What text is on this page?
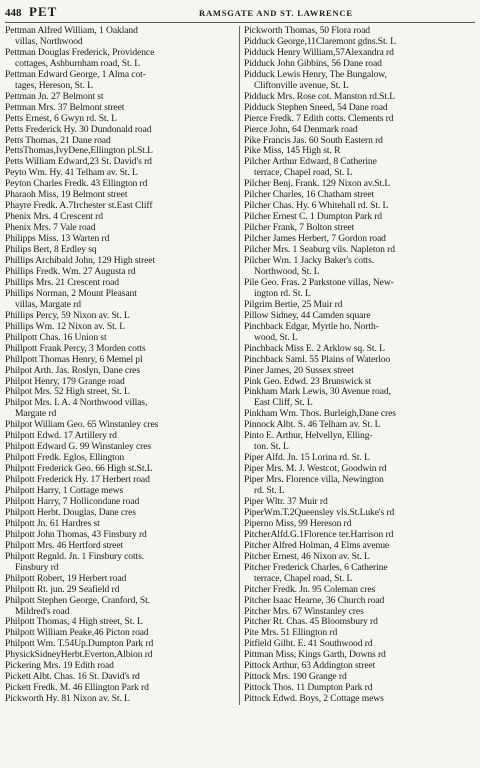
448 PET	RAMSGATE AND ST. LAWRENCE
Pettman Alfred William, 1 Oakland
villas, Northwood
Pettman Douglas Frederick, Providence
cottages, Ashburnham road, St. L
Pettman Edward George, 1 Alma cot-
tages, Hereson, St. L
Pettman Jn. 27 Belmont st
Pettman Mrs. 37 Belmont street
Petts Ernest, 6 Gwyn rd. St. L
Petts Frederick Hy. 30 Dundonald road
Petts Thomas, 21 Dane road
PettsThomas,IvyDene,Ellington pl.St.L
Petts William Edward,23 St. David's rd
Peyto Wm. Hy. 41 Telham av. St. L
Peyton Charles Fredk. 43 Ellington rd
Pharaoh Miss, 19 Belmont street
Phayre Fredk. A.7Irchester st.East Cliff
Phenix Mrs. 4 Crescent rd
Phenix Mrs. 7 Vale road
Philipps Miss. 13 Warten rd
Philips Bert, 8 Erdley sq
Phillips Archibald John, 129 High street
Phillips Fredk. Wm. 27 Augusta rd
Phillips Mrs. 21 Crescent road
Phillips Norman, 2 Mount Pleasant
villas, Margate rd
Phillips Percy, 59 Nixon av. St. L
Phillips Wm. 12 Nixon av. St. L
Phillpott Chas. 16 Union st
Phillpott Frank Percy, 3 Morden cotts
Phillpott Thomas Henry, 6 Memel pl
Philpot Arth. Jas. Roslyn, Dane cres
Philpot Henry, 179 Grange road
Philpot Mrs. 52 High street, St. L
Philpot Mrs. I. A. 4 Northwood villas,
Margate rd
Philpot William Geo. 65 Winstanley cres
Philpott Edwd. 17 Artillery rd
Philpott Edward G. 99 Winstanley cres
Philpott Fredk. Eglos, Ellington
Philpott Frederick Geo. 66 High st.St.L
Philpott Frederick Hy. 17 Herbert road
Philpott Harry, 1 Cottage mews
Philpott Harry, 7 Hollicondane road
Philpott Herbt. Douglas, Dane cres
Philpott Jn. 61 Hardres st
Philpott John Thomas, 43 Finsbury rd
Philpott Mrs. 46 Hertford street
Philpott Regnld. Jn. 1 Finsbury cotts.
Finsbury rd
Philpott Robert, 19 Herbert road
Philpott Rt. jun. 29 Seafield rd
Philpott Stephen George, Cranford, St.
Mildred's road
Philpott Thomas, 4 High street, St. L
Philpott William Peake,46 Picton road
Philpott Wm. T.54Up.Dumpton Park rd
PhysickSidneyHerbt.Everton,Albion rd
Pickering Mrs. 19 Edith road
Pickett Albt. Chas. 16 St. David's rd
Pickett Fredk. M. 46 Ellington Park rd
Pickworth Hy. 81 Nixon av. St. L
Pickworth Thomas, 50 Flora road
Pidduck George,11Claremont gdns.St. L
Pidduck Henry William,57Alexandra rd
Pidduck John Gibbins, 56 Dane road
Pidduck Lewis Henry, The Bungalow,
Cliftonville avenue, St. L
Pidduck Mrs. Rose cot. Manston rd.St.L
Pidduck Stephen Sneed, 54 Dane road
Pierce Fredk. 7 Edith cotts. Clements rd
Pierce John, 64 Denmark road
Pike Francis Jas. 60 South Eastern rd
Pike Miss, 145 High st. R
Pilcher Arthur Edward, 8 Catherine
terrace, Chapel road, St. L
Pilcher Benj. Frank. 129 Nixon av.St.L
Pilcher Charles, 16 Chatham street
Pilcher Chas. Hy. 6 Whitehall rd. St. L
Pilcher Ernest C. 1 Dumpton Park rd
Pilcher Frank, 7 Bolton street
Pilcher James Herbert, 7 Gordon road
Pilcher Mrs. 1 Seaburg vils. Napleton rd
Pilcher Wm. 1 Jacky Baker's cotts.
Northwood, St. L
Pile Geo. Fras. 2 Parkstone villas, New-
ington rd. St. L
Pilgrim Bertie, 25 Muir rd
Pillow Sidney, 44 Camden square
Pinchback Edgar, Myrtle ho. North-
wood, St. L
Pinchback Miss E. 2 Arklow sq. St. L
Pinchback Saml. 55 Plains of Waterloo
Piner James, 20 Sussex street
Pink Geo. Edwd. 23 Brunswick st
Pinkham Mark Lewis, 30 Avenue road,
East Cliff, St. L
Pinkham Wm. Thos. Burleigh,Dane cres
Pinnock Albt. S. 46 Telham av. St. L
Pinto E. Arthur, Helvellyn, Elling-
ton. St. L
Piper Alfd. Jn. 15 Lorina rd. St. L
Piper Mrs. M. J. Westcot, Goodwin rd
Piper Mrs. Florence villa, Newington
rd. St. L
Piper Wltr. 37 Muir rd
PiperWm.T.2Queensley vls.St.Luke's rd
Piperno Miss, 99 Hereson rd
PitcherAlfd.G.1Florence ter.Harrison rd
Pitcher Alfred Holman, 4 Elms avenue
Pitcher Ernest, 46 Nixon av. St. L
Pitcher Frederick Charles, 6 Catherine
terrace, Chapel road, St. L
Pitcher Fredk. Jn. 95 Coleman cres
Pitcher Isaac Hearne, 36 Church road
Pitcher Mrs. 67 Winstanley cres
Pitcher Rt. Chas. 45 Bloomsbury rd
Pite Mrs. 51 Ellington rd
Pitfield Gilbt. E. 41 Southwood rd
Pittman Miss, Kings Garth, Downs rd
Pittock Arthur, 63 Addington street
Pittock Mrs. 190 Grange rd
Pittock Thos. 11 Dumpton Park rd
Pittock Edwd. Boys, 2 Cottage mews
